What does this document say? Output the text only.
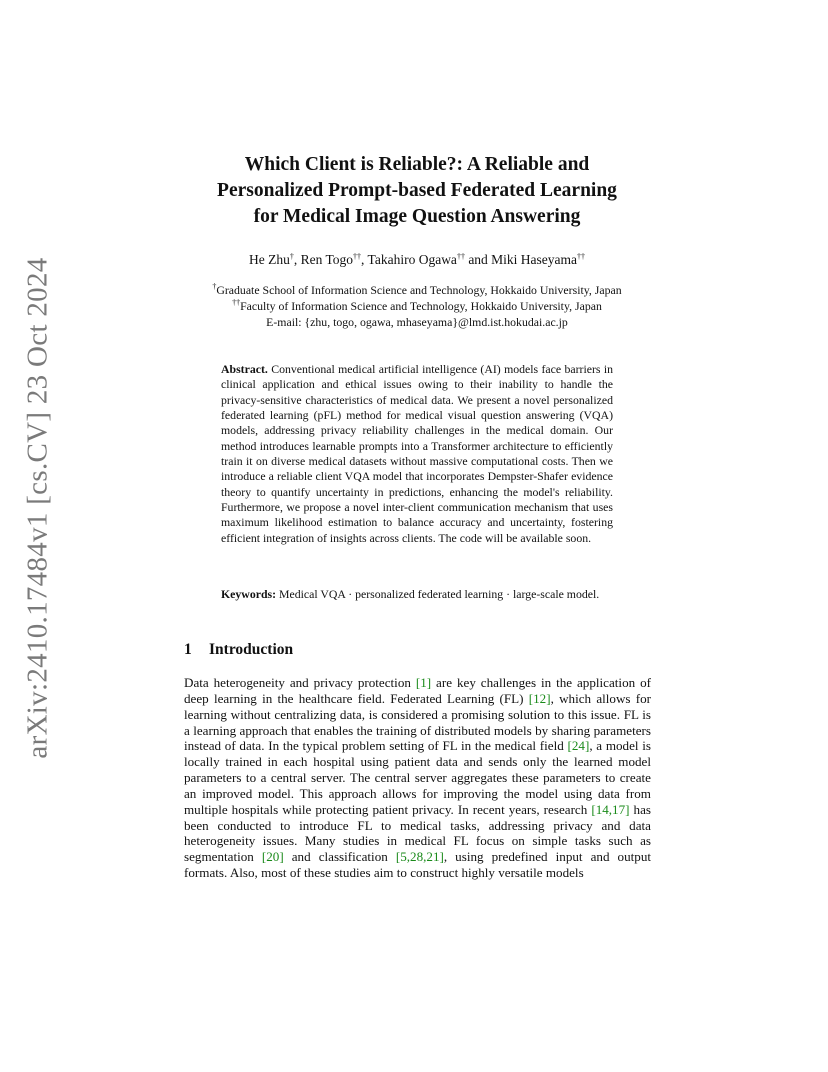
arXiv:2410.17484v1 [cs.CV] 23 Oct 2024
Which Client is Reliable?: A Reliable and
Personalized Prompt-based Federated Learning
for Medical Image Question Answering
He Zhu†, Ren Togo††, Takahiro Ogawa†† and Miki Haseyama††
†Graduate School of Information Science and Technology, Hokkaido University, Japan
††Faculty of Information Science and Technology, Hokkaido University, Japan
E-mail: {zhu, togo, ogawa, mhaseyama}@lmd.ist.hokudai.ac.jp
Abstract. Conventional medical artificial intelligence (AI) models face barriers in clinical application and ethical issues owing to their inability to handle the privacy-sensitive characteristics of medical data. We present a novel personalized federated learning (pFL) method for medical visual question answering (VQA) models, addressing privacy reliability challenges in the medical domain. Our method introduces learnable prompts into a Transformer architecture to efficiently train it on diverse medical datasets without massive computational costs. Then we introduce a reliable client VQA model that incorporates Dempster-Shafer evidence theory to quantify uncertainty in predictions, enhancing the model's reliability. Furthermore, we propose a novel inter-client communication mechanism that uses maximum likelihood estimation to balance accuracy and uncertainty, fostering efficient integration of insights across clients. The code will be available soon.
Keywords: Medical VQA · personalized federated learning · large-scale model.
1 Introduction
Data heterogeneity and privacy protection [1] are key challenges in the application of deep learning in the healthcare field. Federated Learning (FL) [12], which allows for learning without centralizing data, is considered a promising solution to this issue. FL is a learning approach that enables the training of distributed models by sharing parameters instead of data. In the typical problem setting of FL in the medical field [24], a model is locally trained in each hospital using patient data and sends only the learned model parameters to a central server. The central server aggregates these parameters to create an improved model. This approach allows for improving the model using data from multiple hospitals while protecting patient privacy. In recent years, research [14,17] has been conducted to introduce FL to medical tasks, addressing privacy and data heterogeneity issues. Many studies in medical FL focus on simple tasks such as segmentation [20] and classification [5,28,21], using predefined input and output formats. Also, most of these studies aim to construct highly versatile models
